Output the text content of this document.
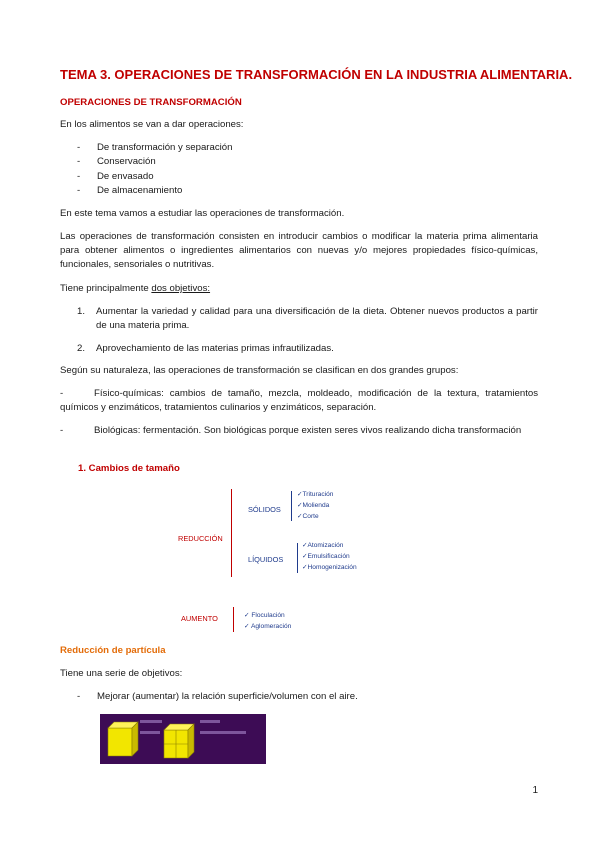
TEMA 3. OPERACIONES DE TRANSFORMACIÓN EN LA INDUSTRIA ALIMENTARIA.
OPERACIONES DE TRANSFORMACIÓN
En los alimentos se van a dar operaciones:
- De transformación y separación
- Conservación
- De envasado
- De almacenamiento
En este tema vamos a estudiar las operaciones de transformación.
Las operaciones de transformación consisten en introducir cambios o modificar la materia prima alimentaria para obtener alimentos o ingredientes alimentarios con nuevas y/o mejores propiedades físico-químicas, funcionales, sensoriales o nutritivas.
Tiene principalmente dos objetivos:
1.	Aumentar la variedad y calidad para una diversificación de la dieta. Obtener nuevos productos a partir de una materia prima.
2.	Aprovechamiento de las materias primas infrautilizadas.
Según su naturaleza, las operaciones de transformación se clasifican en dos grandes grupos:
-	Físico-químicas: cambios de tamaño, mezcla, moldeado, modificación de la textura, tratamientos químicos y enzimáticos, tratamientos culinarios y enzimáticos, separación.
-	Biológicas: fermentación. Son biológicas porque existen seres vivos realizando dicha transformación
1. Cambios de tamaño
REDUCCIÓN
SÓLIDOS
✓Trituración
✓Molienda
✓Corte
LÍQUIDOS
✓Atomización
✓Emulsificación
✓Homogenización
AUMENTO	✓ Floculación
✓ Aglomeración
Reducción de partícula
Tiene una serie de objetivos:
- Mejorar (aumentar) la relación superficie/volumen con el aire.
1
